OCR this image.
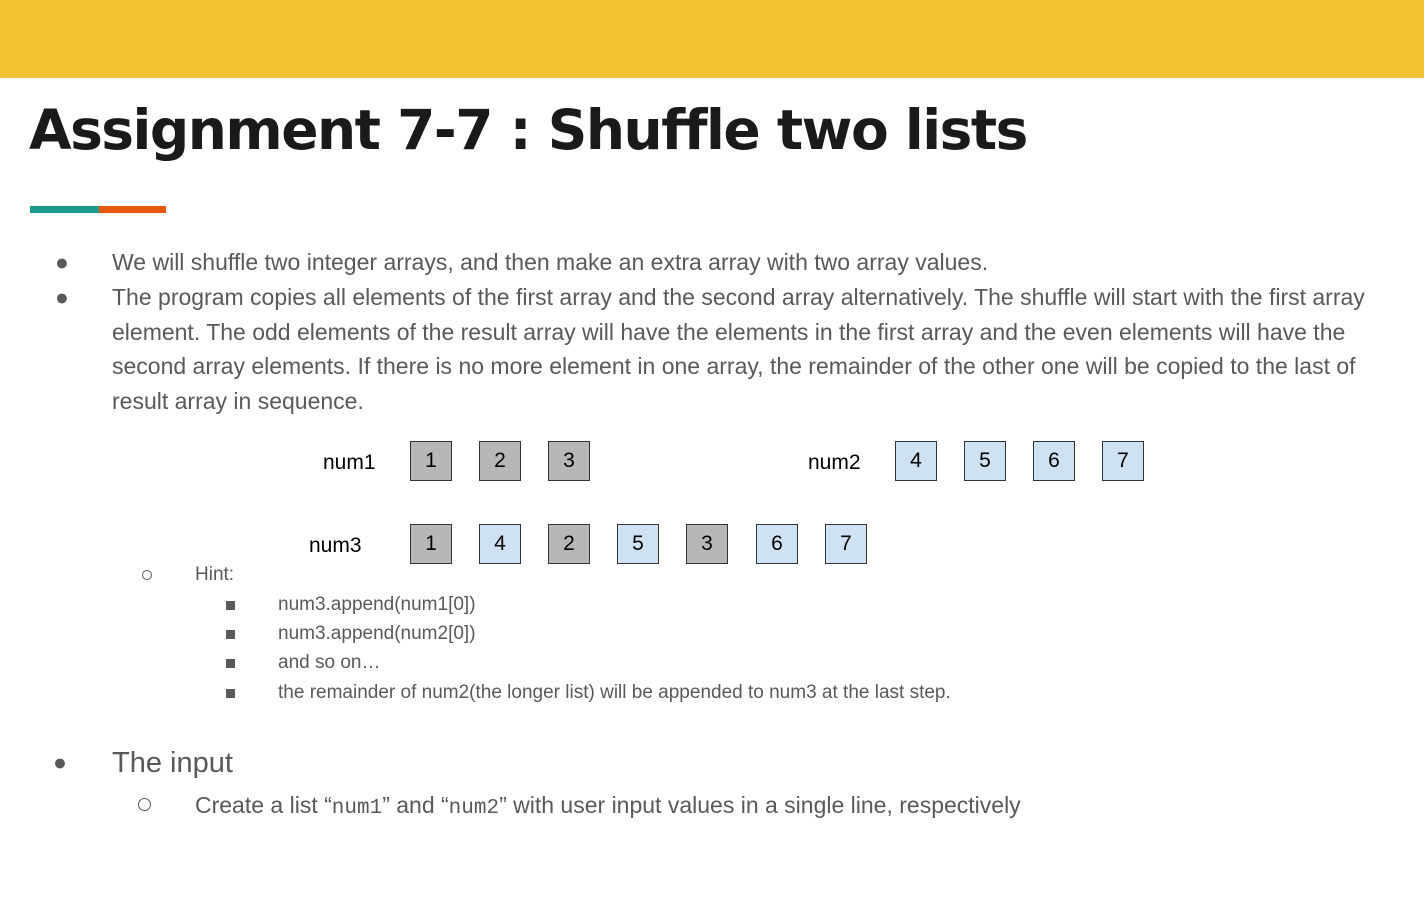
Assignment 7-7 : Shuffle two lists
● We will shuffle two integer arrays, and then make an extra array with two array values.
● The program copies all elements of the first array and the second array alternatively. The shuffle will start with the first array element. The odd elements of the result array will have the elements in the first array and the even elements will have the second array elements. If there is no more element in one array, the remainder of the other one will be copied to the last of result array in sequence.
num1	1	2	3	num2	4	5	6	7
num3	1	4	2	5	3	6	7
Hint:
num3.append(num1[0])
num3.append(num2[0])
and so on…
the remainder of num2(the longer list) will be appended to num3 at the last step.
● The input
Create a list “num1” and “num2” with user input values in a single line, respectively
